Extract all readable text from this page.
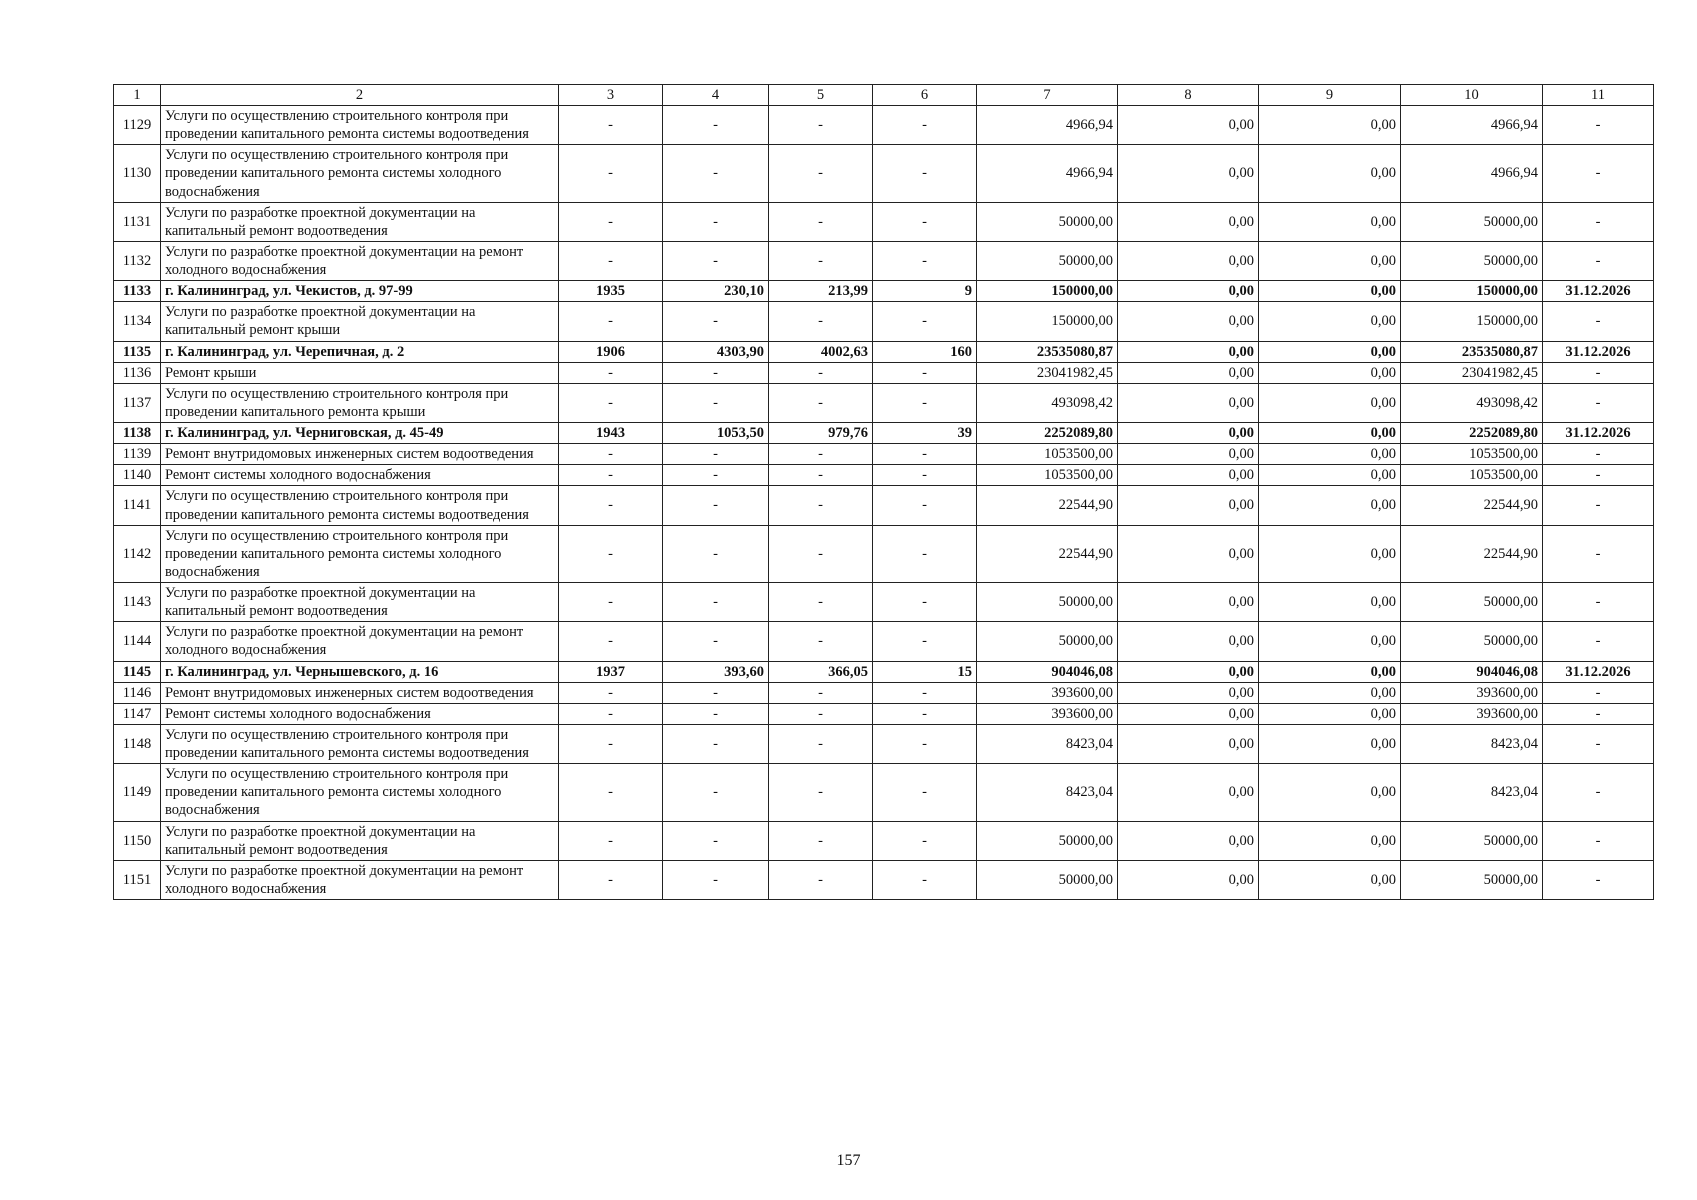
1	2	3	4	5	6	7	8	9	10	11
1129	Услуги по осуществлению строительного контроля при проведении капитального ремонта системы водоотведения	-	-	-	-	4966,94	0,00	0,00	4966,94	-
1130	Услуги по осуществлению строительного контроля при проведении капитального ремонта системы холодного водоснабжения	-	-	-	-	4966,94	0,00	0,00	4966,94	-
1131	Услуги по разработке проектной документации на капитальный ремонт водоотведения	-	-	-	-	50000,00	0,00	0,00	50000,00	-
1132	Услуги по разработке проектной документации на ремонт холодного водоснабжения	-	-	-	-	50000,00	0,00	0,00	50000,00	-
1133	г. Калининград, ул. Чекистов, д. 97-99	1935	230,10	213,99	9	150000,00	0,00	0,00	150000,00	31.12.2026
1134	Услуги по разработке проектной документации на капитальный ремонт крыши	-	-	-	-	150000,00	0,00	0,00	150000,00	-
1135	г. Калининград, ул. Черепичная, д. 2	1906	4303,90	4002,63	160	23535080,87	0,00	0,00	23535080,87	31.12.2026
1136	Ремонт крыши	-	-	-	-	23041982,45	0,00	0,00	23041982,45	-
1137	Услуги по осуществлению строительного контроля при проведении капитального ремонта крыши	-	-	-	-	493098,42	0,00	0,00	493098,42	-
1138	г. Калининград, ул. Черниговская, д. 45-49	1943	1053,50	979,76	39	2252089,80	0,00	0,00	2252089,80	31.12.2026
1139	Ремонт внутридомовых инженерных систем водоотведения	-	-	-	-	1053500,00	0,00	0,00	1053500,00	-
1140	Ремонт системы холодного водоснабжения	-	-	-	-	1053500,00	0,00	0,00	1053500,00	-
1141	Услуги по осуществлению строительного контроля при проведении капитального ремонта системы водоотведения	-	-	-	-	22544,90	0,00	0,00	22544,90	-
1142	Услуги по осуществлению строительного контроля при проведении капитального ремонта системы холодного водоснабжения	-	-	-	-	22544,90	0,00	0,00	22544,90	-
1143	Услуги по разработке проектной документации на капитальный ремонт водоотведения	-	-	-	-	50000,00	0,00	0,00	50000,00	-
1144	Услуги по разработке проектной документации на ремонт холодного водоснабжения	-	-	-	-	50000,00	0,00	0,00	50000,00	-
1145	г. Калининград, ул. Чернышевского, д. 16	1937	393,60	366,05	15	904046,08	0,00	0,00	904046,08	31.12.2026
1146	Ремонт внутридомовых инженерных систем водоотведения	-	-	-	-	393600,00	0,00	0,00	393600,00	-
1147	Ремонт системы холодного водоснабжения	-	-	-	-	393600,00	0,00	0,00	393600,00	-
1148	Услуги по осуществлению строительного контроля при проведении капитального ремонта системы водоотведения	-	-	-	-	8423,04	0,00	0,00	8423,04	-
1149	Услуги по осуществлению строительного контроля при проведении капитального ремонта системы холодного водоснабжения	-	-	-	-	8423,04	0,00	0,00	8423,04	-
1150	Услуги по разработке проектной документации на капитальный ремонт водоотведения	-	-	-	-	50000,00	0,00	0,00	50000,00	-
1151	Услуги по разработке проектной документации на ремонт холодного водоснабжения	-	-	-	-	50000,00	0,00	0,00	50000,00	-
157
